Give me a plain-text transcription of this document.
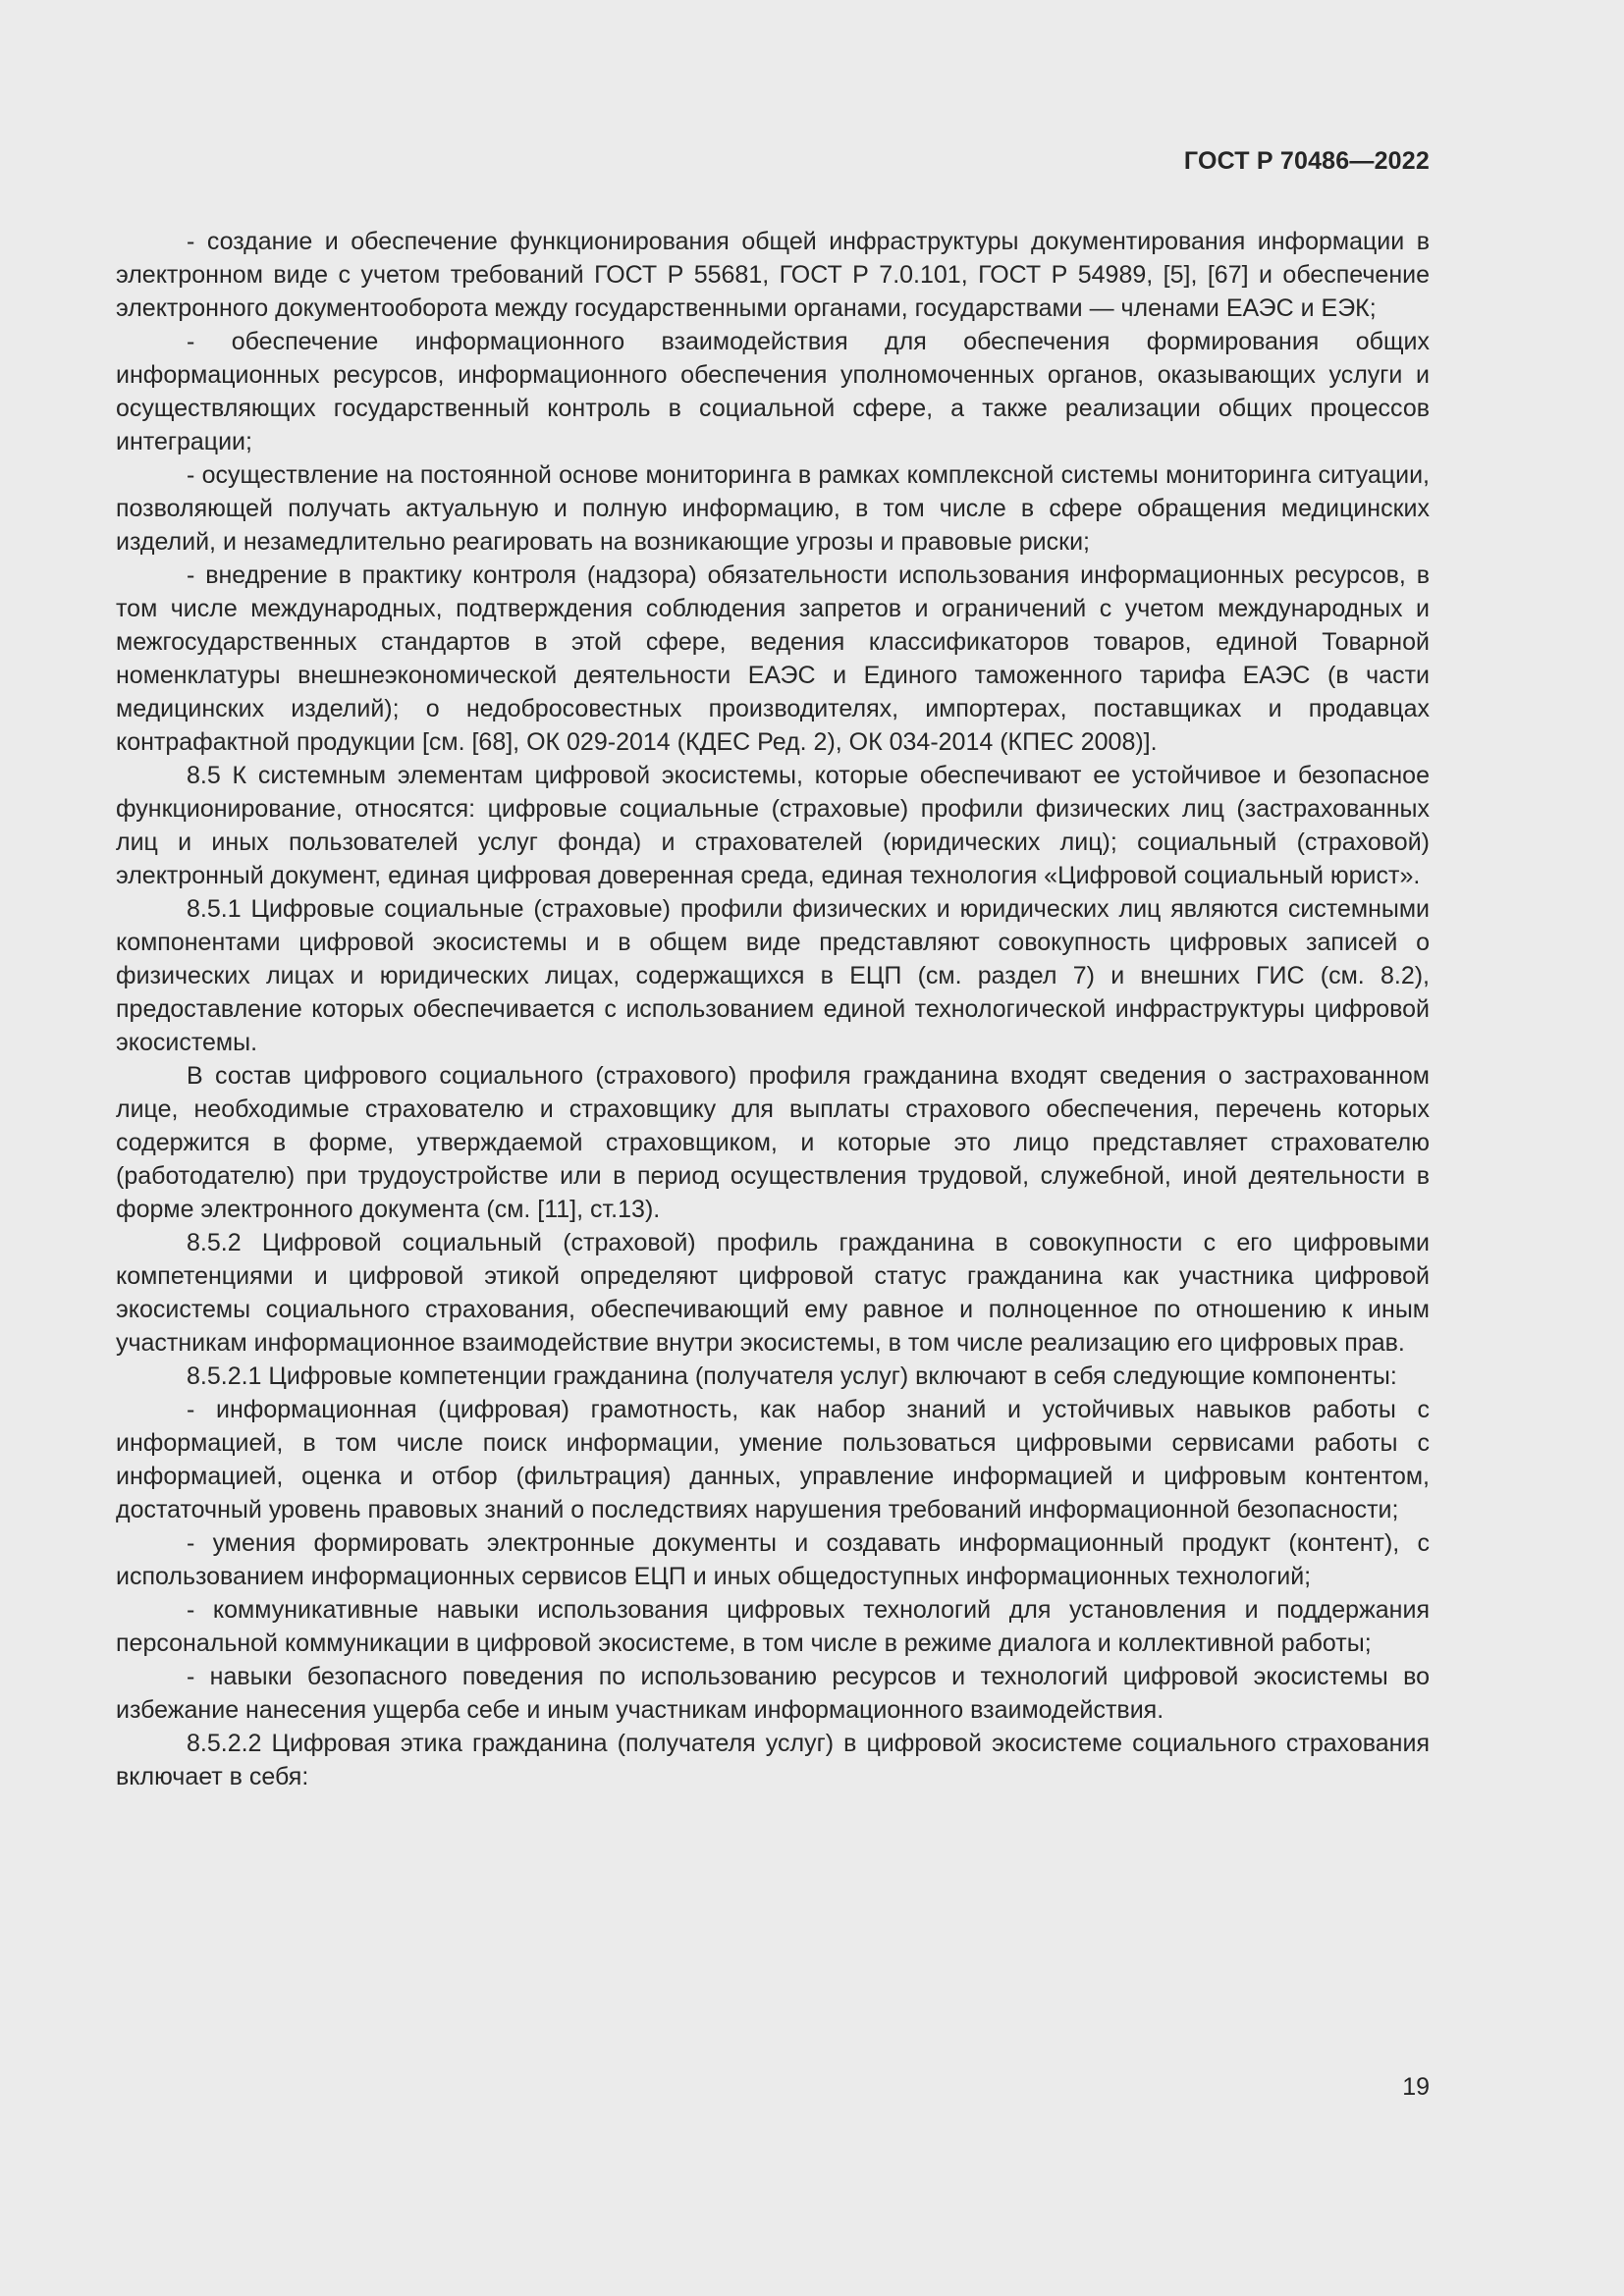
ГОСТ Р 70486—2022

- создание и обеспечение функционирования общей инфраструктуры документирования информации в электронном виде с учетом требований ГОСТ Р 55681, ГОСТ Р 7.0.101, ГОСТ Р 54989, [5], [67] и обеспечение электронного документооборота между государственными органами, государствами — членами ЕАЭС и ЕЭК;

- обеспечение информационного взаимодействия для обеспечения формирования общих информационных ресурсов, информационного обеспечения уполномоченных органов, оказывающих услуги и осуществляющих государственный контроль в социальной сфере, а также реализации общих процессов интеграции;

- осуществление на постоянной основе мониторинга в рамках комплексной системы мониторинга ситуации, позволяющей получать актуальную и полную информацию, в том числе в сфере обращения медицинских изделий, и незамедлительно реагировать на возникающие угрозы и правовые риски;

- внедрение в практику контроля (надзора) обязательности использования информационных ресурсов, в том числе международных, подтверждения соблюдения запретов и ограничений с учетом международных и межгосударственных стандартов в этой сфере, ведения классификаторов товаров, единой Товарной номенклатуры внешнеэкономической деятельности ЕАЭС и Единого таможенного тарифа ЕАЭС (в части медицинских изделий); о недобросовестных производителях, импортерах, поставщиках и продавцах контрафактной продукции [см. [68], ОК 029-2014 (КДЕС Ред. 2), ОК 034-2014 (КПЕС 2008)].

8.5 К системным элементам цифровой экосистемы, которые обеспечивают ее устойчивое и безопасное функционирование, относятся: цифровые социальные (страховые) профили физических лиц (застрахованных лиц и иных пользователей услуг фонда) и страхователей (юридических лиц); социальный (страховой) электронный документ, единая цифровая доверенная среда, единая технология «Цифровой социальный юрист».

8.5.1 Цифровые социальные (страховые) профили физических и юридических лиц являются системными компонентами цифровой экосистемы и в общем виде представляют совокупность цифровых записей о физических лицах и юридических лицах, содержащихся в ЕЦП (см. раздел 7) и внешних ГИС (см. 8.2), предоставление которых обеспечивается с использованием единой технологической инфраструктуры цифровой экосистемы.

В состав цифрового социального (страхового) профиля гражданина входят сведения о застрахованном лице, необходимые страхователю и страховщику для выплаты страхового обеспечения, перечень которых содержится в форме, утверждаемой страховщиком, и которые это лицо представляет страхователю (работодателю) при трудоустройстве или в период осуществления трудовой, служебной, иной деятельности в форме электронного документа (см. [11], ст.13).

8.5.2 Цифровой социальный (страховой) профиль гражданина в совокупности с его цифровыми компетенциями и цифровой этикой определяют цифровой статус гражданина как участника цифровой экосистемы социального страхования, обеспечивающий ему равное и полноценное по отношению к иным участникам информационное взаимодействие внутри экосистемы, в том числе реализацию его цифровых прав.

8.5.2.1 Цифровые компетенции гражданина (получателя услуг) включают в себя следующие компоненты:

- информационная (цифровая) грамотность, как набор знаний и устойчивых навыков работы с информацией, в том числе поиск информации, умение пользоваться цифровыми сервисами работы с информацией, оценка и отбор (фильтрация) данных, управление информацией и цифровым контентом, достаточный уровень правовых знаний о последствиях нарушения требований информационной безопасности;

- умения формировать электронные документы и создавать информационный продукт (контент), с использованием информационных сервисов ЕЦП и иных общедоступных информационных технологий;

- коммуникативные навыки использования цифровых технологий для установления и поддержания персональной коммуникации в цифровой экосистеме, в том числе в режиме диалога и коллективной работы;

- навыки безопасного поведения по использованию ресурсов и технологий цифровой экосистемы во избежание нанесения ущерба себе и иным участникам информационного взаимодействия.

8.5.2.2 Цифровая этика гражданина (получателя услуг) в цифровой экосистеме социального страхования включает в себя:

19
